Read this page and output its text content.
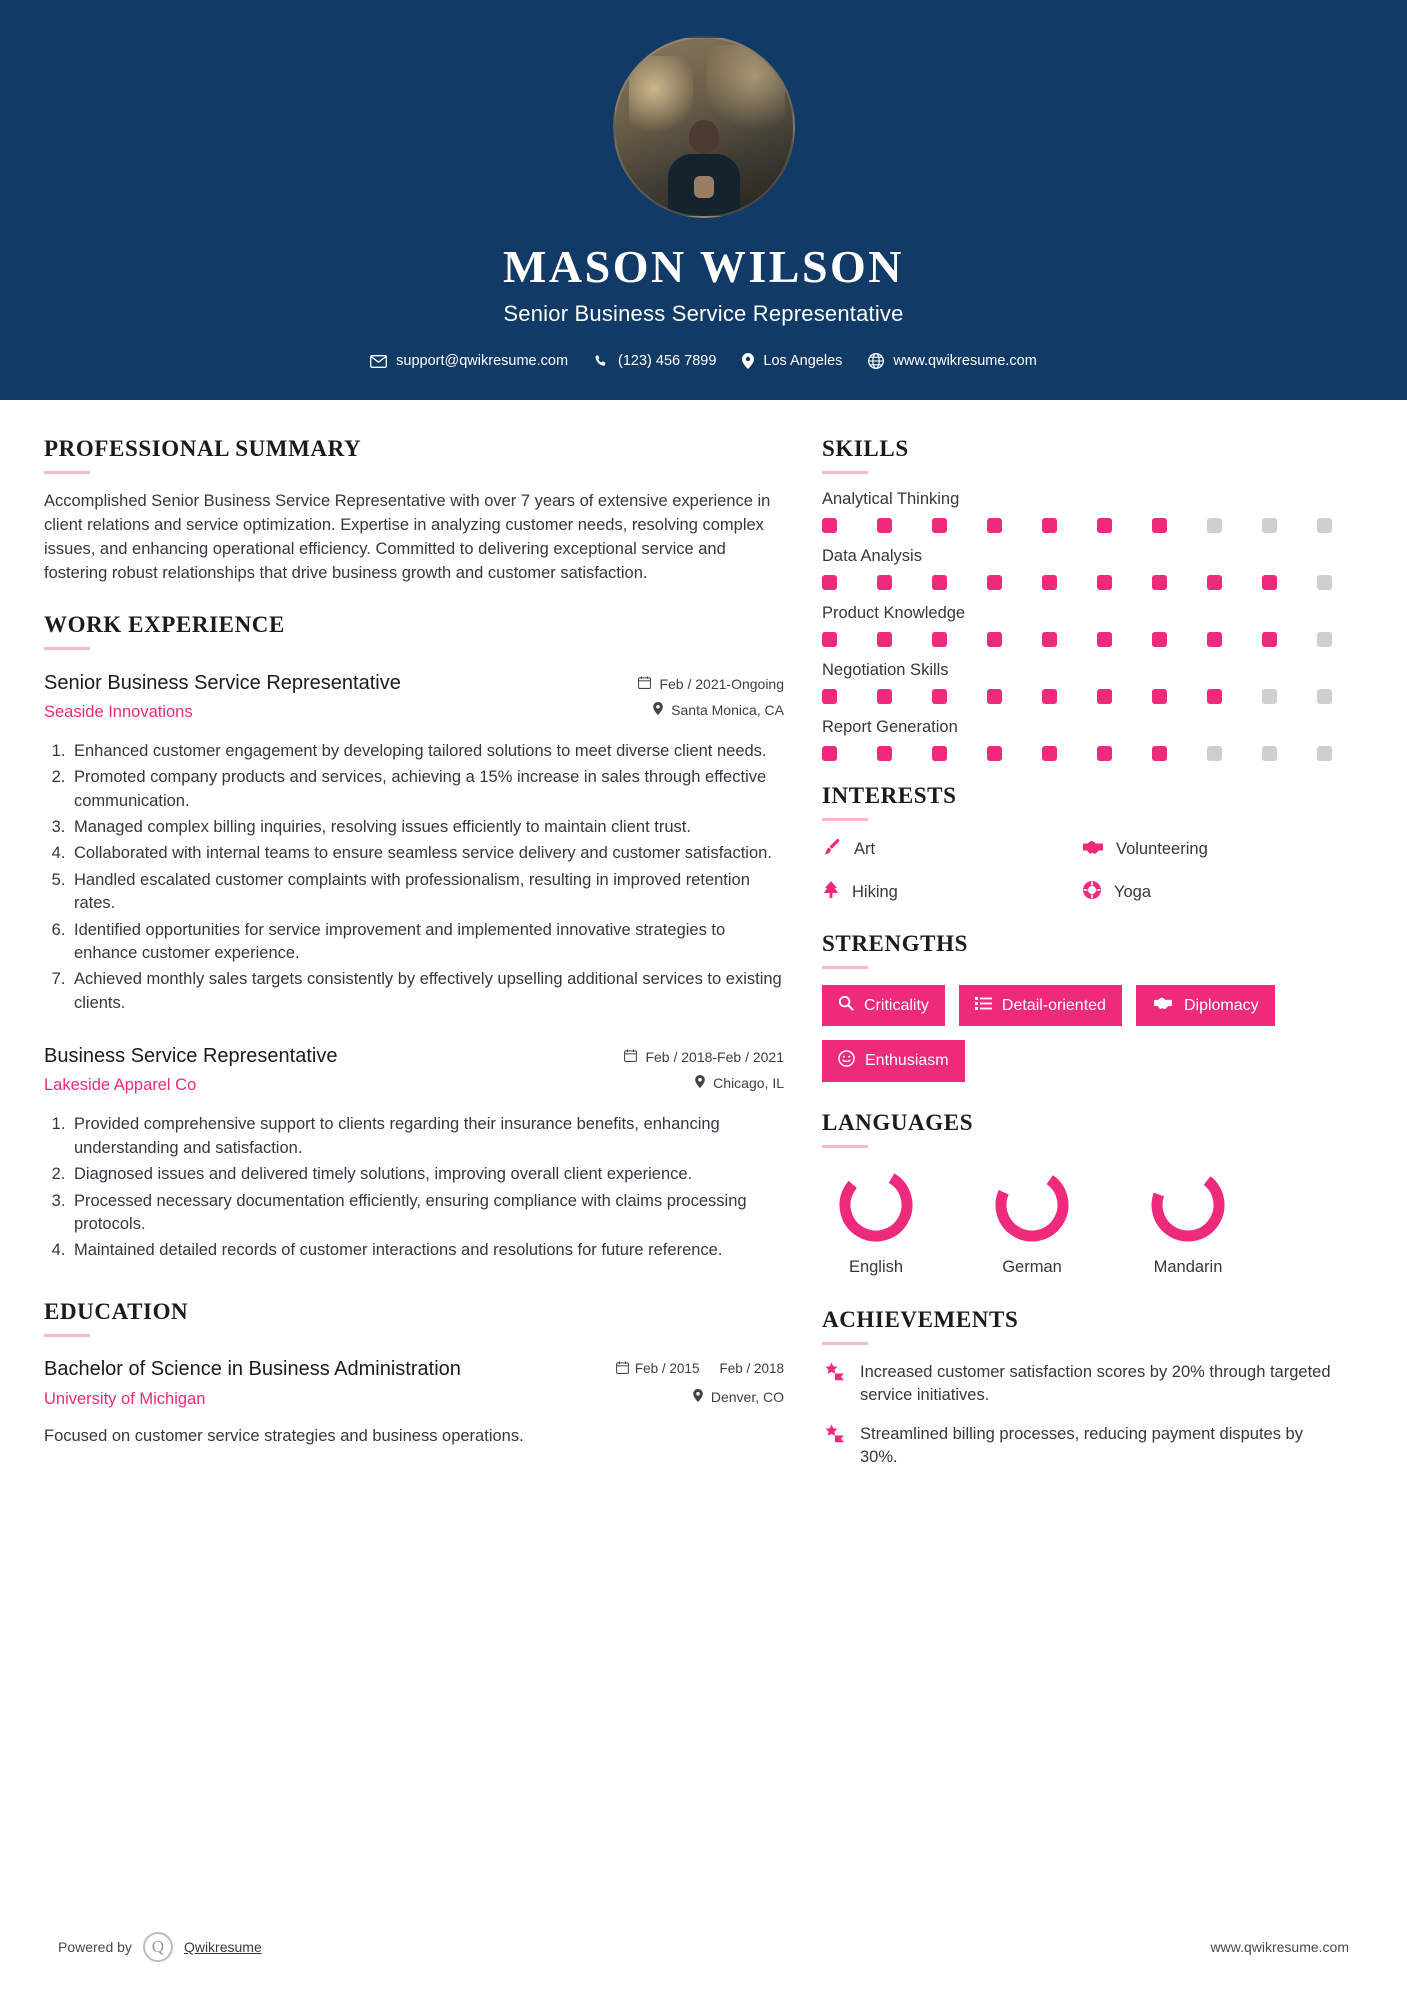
MASON WILSON
Senior Business Service Representative
support@qwikresume.com	(123) 456 7899	Los Angeles	www.qwikresume.com
PROFESSIONAL SUMMARY

Accomplished Senior Business Service Representative with over 7 years of extensive experience in client relations and service optimization. Expertise in analyzing customer needs, resolving complex issues, and enhancing operational efficiency. Committed to delivering exceptional service and fostering robust relationships that drive business growth and customer satisfaction.

WORK EXPERIENCE
Senior Business Service Representative
Seaside Innovations
Feb / 2021-Ongoing
Santa Monica, CA
1. Enhanced customer engagement by developing tailored solutions to meet diverse client needs.
2. Promoted company products and services, achieving a 15% increase in sales through effective communication.
3. Managed complex billing inquiries, resolving issues efficiently to maintain client trust.
4. Collaborated with internal teams to ensure seamless service delivery and customer satisfaction.
5. Handled escalated customer complaints with professionalism, resulting in improved retention rates.
6. Identified opportunities for service improvement and implemented innovative strategies to enhance customer experience.
7. Achieved monthly sales targets consistently by effectively upselling additional services to existing clients.
Business Service Representative
Lakeside Apparel Co
Feb / 2018-Feb / 2021
Chicago, IL
1. Provided comprehensive support to clients regarding their insurance benefits, enhancing understanding and satisfaction.
2. Diagnosed issues and delivered timely solutions, improving overall client experience.
3. Processed necessary documentation efficiently, ensuring compliance with claims processing protocols.
4. Maintained detailed records of customer interactions and resolutions for future reference.
EDUCATION
Bachelor of Science in Business Administration
University of Michigan
Feb / 2015 Feb / 2018
Denver, CO
Focused on customer service strategies and business operations.
SKILLS
Analytical Thinking
Data Analysis
Product Knowledge
Negotiation Skills
Report Generation
INTERESTS
Art	Volunteering
Hiking	Yoga
STRENGTHS
Criticality	Detail-oriented	Diplomacy
Enthusiasm
LANGUAGES
English	German	Mandarin
ACHIEVEMENTS
Increased customer satisfaction scores by 20% through targeted service initiatives.
Streamlined billing processes, reducing payment disputes by 30%.
Powered by	Q	Qwikresume	www.qwikresume.com
